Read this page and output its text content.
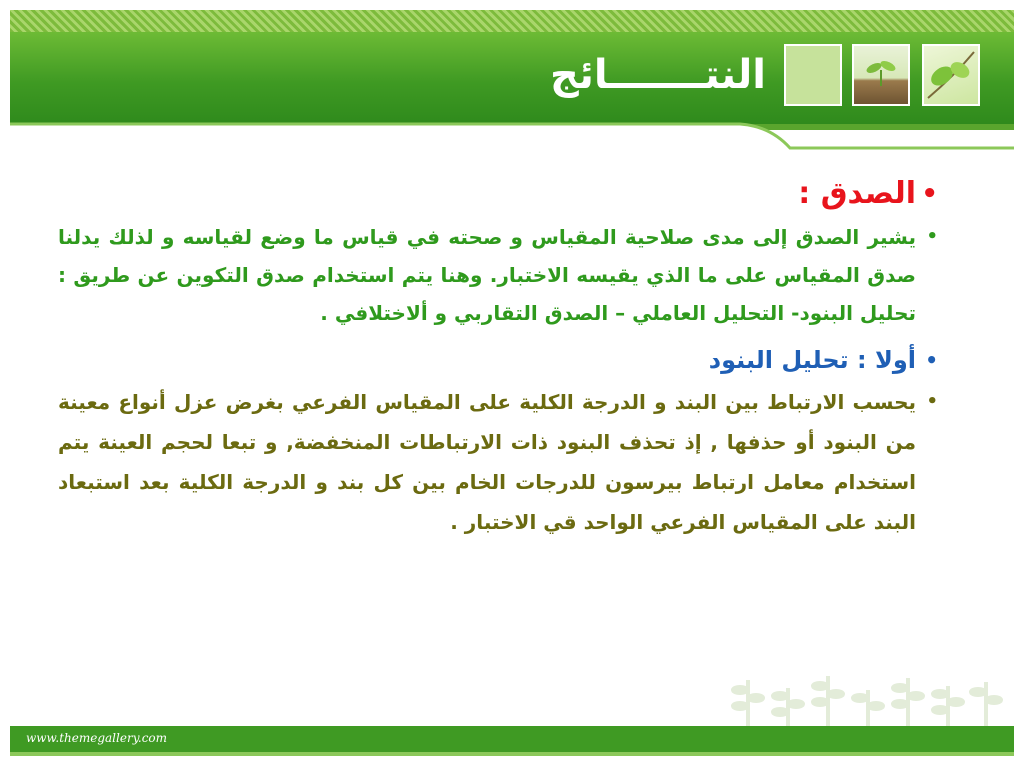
النتـــــــائج
•
الصدق :
•
يشير الصدق إلى مدى صلاحية المقياس و صحته في قياس ما وضع لقياسه و لذلك يدلنا صدق المقياس على ما الذي يقيسه الاختبار. وهنا يتم استخدام صدق التكوين عن طريق : تحليل البنود- التحليل العاملي – الصدق التقاربي و ألاختلافي .
•
أولا : تحليل البنود
•
يحسب الارتباط بين البند و الدرجة الكلية على المقياس الفرعي بغرض عزل أنواع معينة من البنود أو حذفها , إذ تحذف البنود ذات الارتباطات المنخفضة, و تبعا لحجم العينة يتم استخدام معامل ارتباط بيرسون للدرجات الخام بين كل بند و الدرجة الكلية بعد استبعاد البند على المقياس الفرعي الواحد قي الاختبار .
www.themegallery.com
